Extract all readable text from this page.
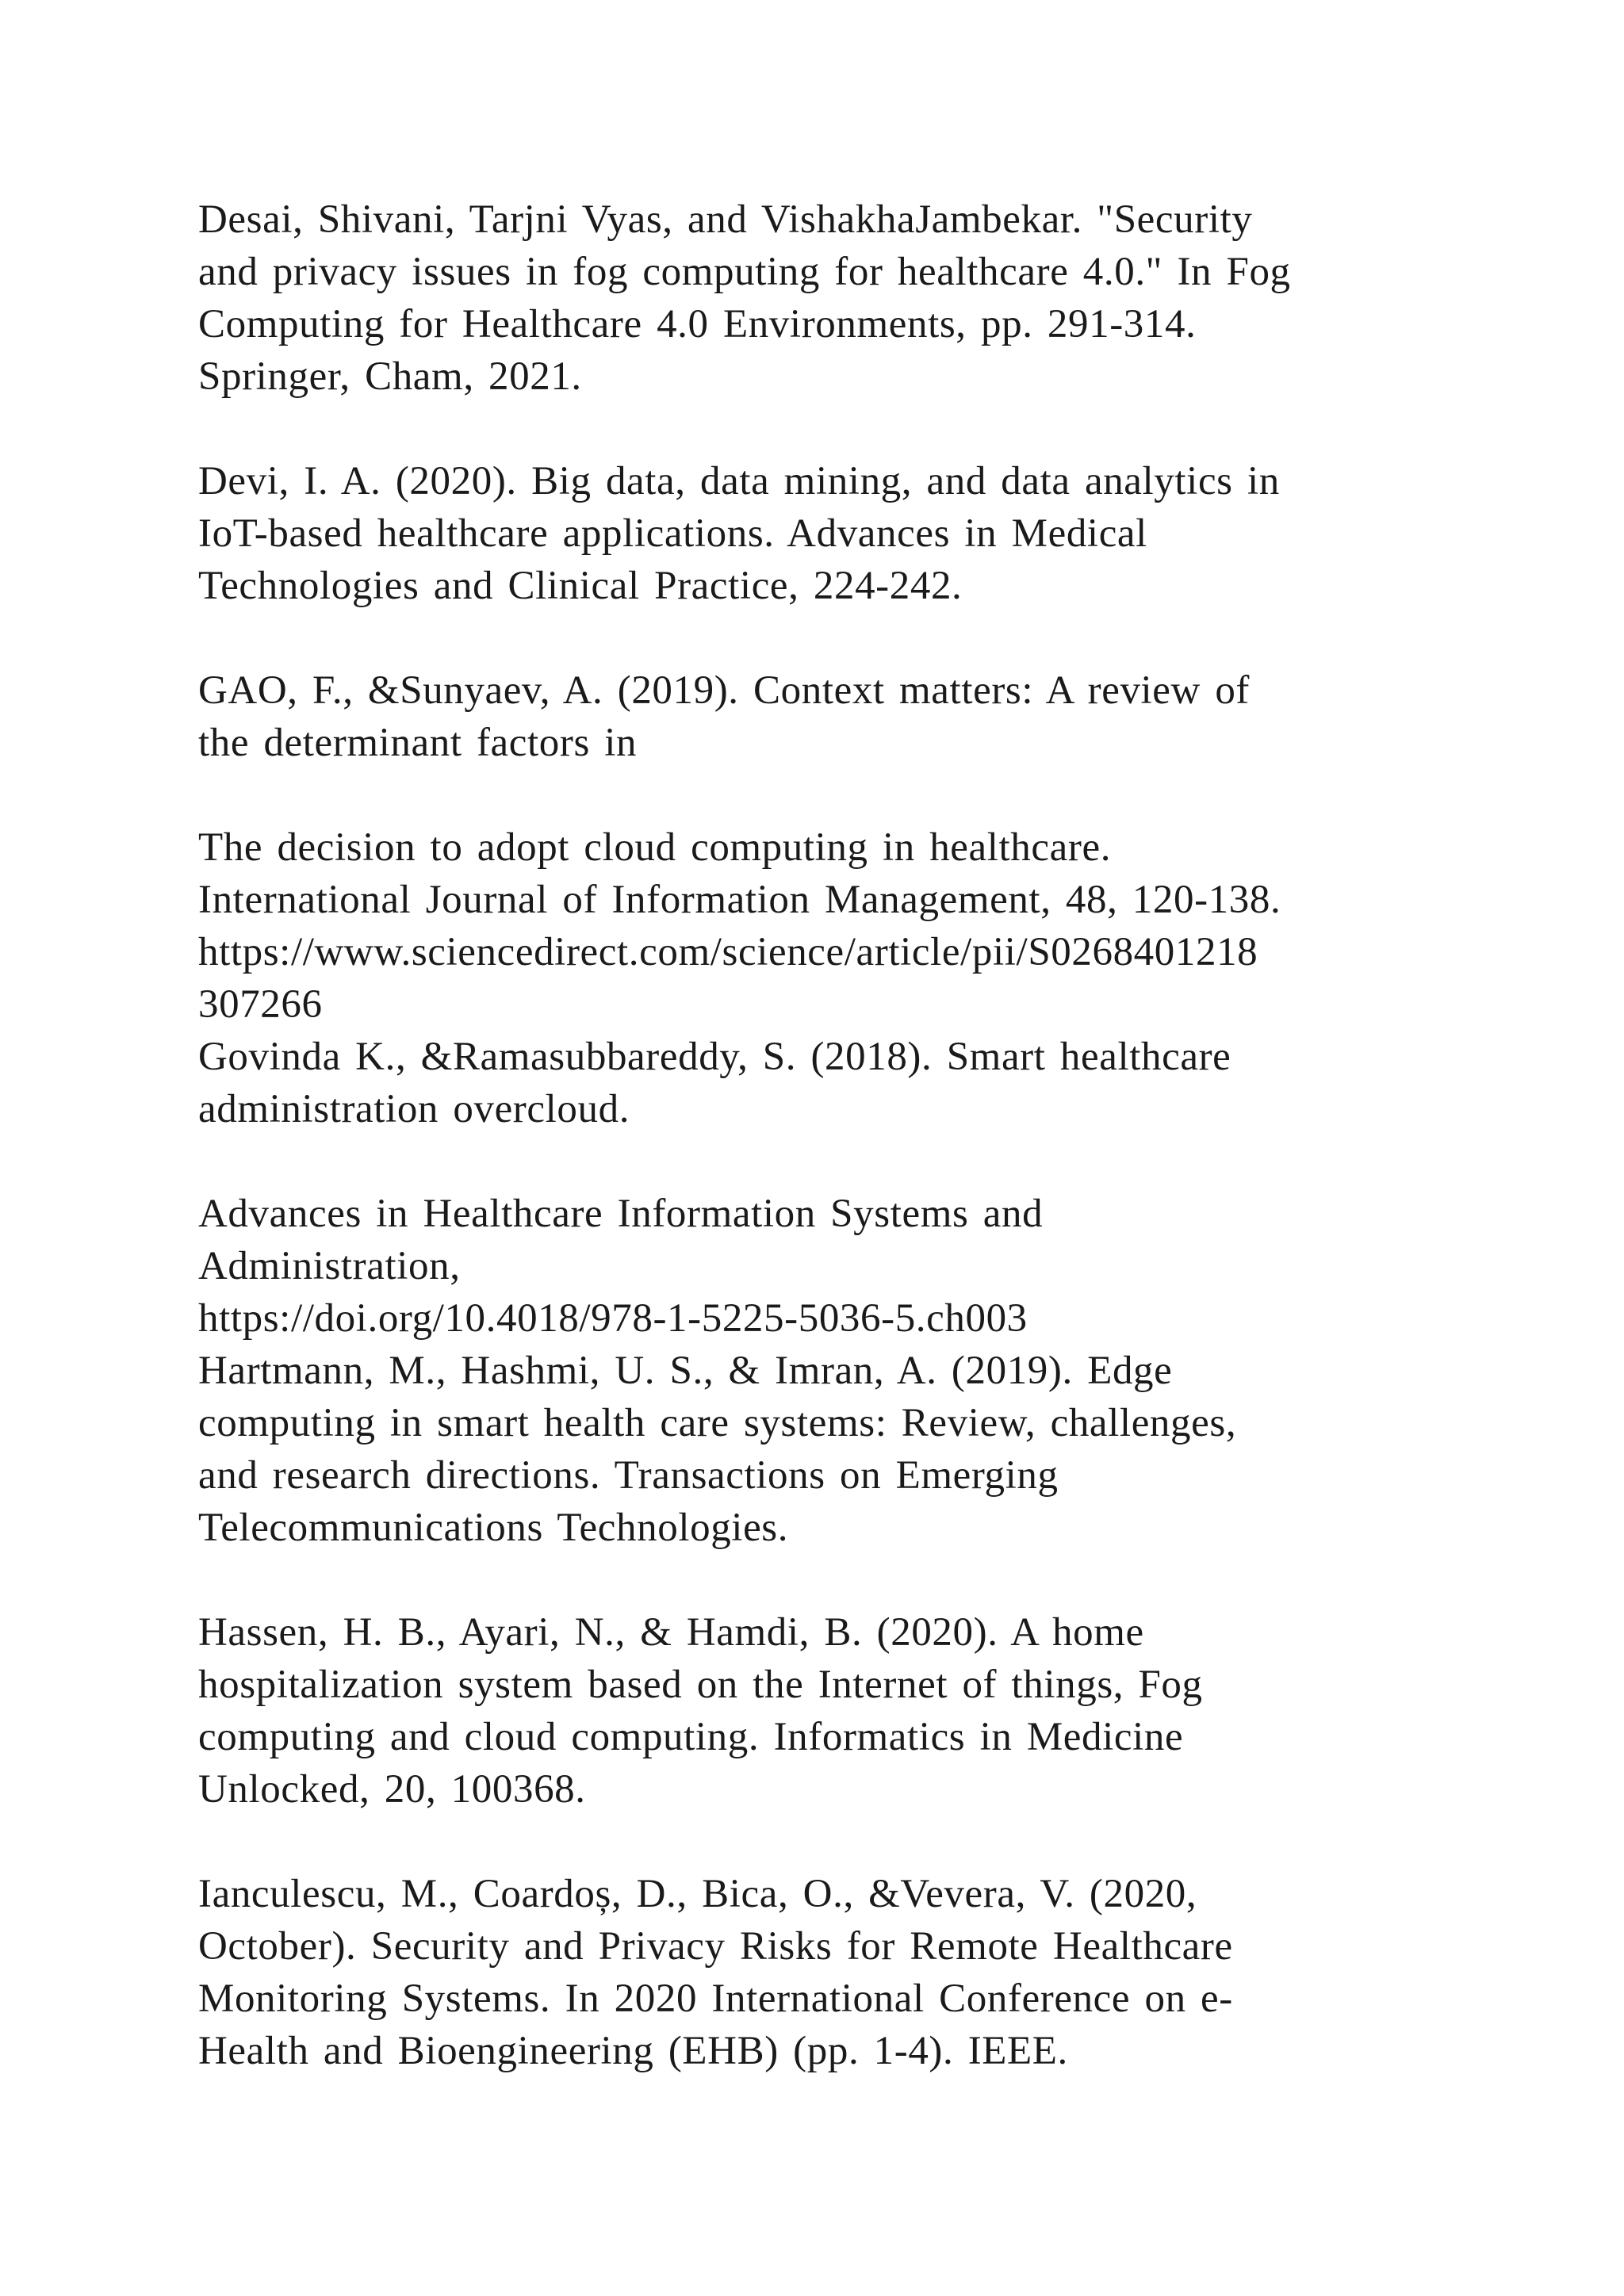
Desai, Shivani, Tarjni Vyas, and VishakhaJambekar. "Security
and privacy issues in fog computing for healthcare 4.0." In Fog
Computing for Healthcare 4.0 Environments, pp. 291-314.
Springer, Cham, 2021.
Devi, I. A. (2020). Big data, data mining, and data analytics in
IoT-based healthcare applications. Advances in Medical
Technologies and Clinical Practice, 224-242.
GAO, F., &Sunyaev, A. (2019). Context matters: A review of
the determinant factors in
The decision to adopt cloud computing in healthcare.
International Journal of Information Management, 48, 120-138.
https://www.sciencedirect.com/science/article/pii/S0268401218
307266
Govinda K., &Ramasubbareddy, S. (2018). Smart healthcare
administration overcloud.
Advances in Healthcare Information Systems and
Administration,
https://doi.org/10.4018/978-1-5225-5036-5.ch003
Hartmann, M., Hashmi, U. S., & Imran, A. (2019). Edge
computing in smart health care systems: Review, challenges,
and research directions. Transactions on Emerging
Telecommunications Technologies.
Hassen, H. B., Ayari, N., & Hamdi, B. (2020). A home
hospitalization system based on the Internet of things, Fog
computing and cloud computing. Informatics in Medicine
Unlocked, 20, 100368.
Ianculescu, M., Coardoș, D., Bica, O., &Vevera, V. (2020,
October). Security and Privacy Risks for Remote Healthcare
Monitoring Systems. In 2020 International Conference on e-
Health and Bioengineering (EHB) (pp. 1-4). IEEE.
